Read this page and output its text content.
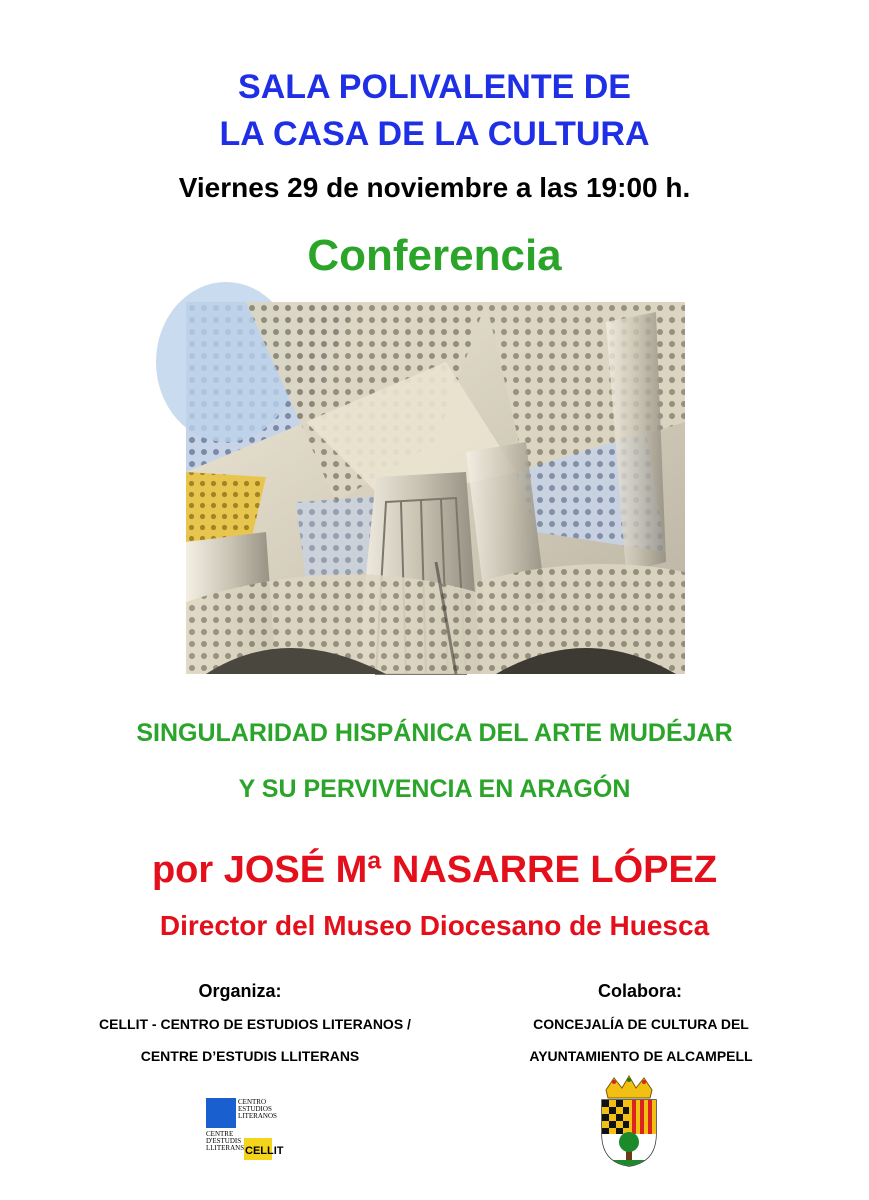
SALA POLIVALENTE DE
LA CASA DE LA CULTURA
Viernes 29 de noviembre a las 19:00 h.
Conferencia
SINGULARIDAD HISPÁNICA DEL ARTE MUDÉJAR
Y SU PERVIVENCIA EN ARAGÓN
por JOSÉ Mª NASARRE LÓPEZ
Director del Museo Diocesano de Huesca
Organiza:
CELLIT - CENTRO DE ESTUDIOS LITERANOS /
CENTRE D’ESTUDIS LLITERANS
Colabora:
CONCEJALÍA DE CULTURA DEL
AYUNTAMIENTO DE ALCAMPELL
I.E.A.
CENTRO
ESTUDIOS
LITERANOS
CENTRE
D'ESTUDIS
LLITERANS CELLIT
